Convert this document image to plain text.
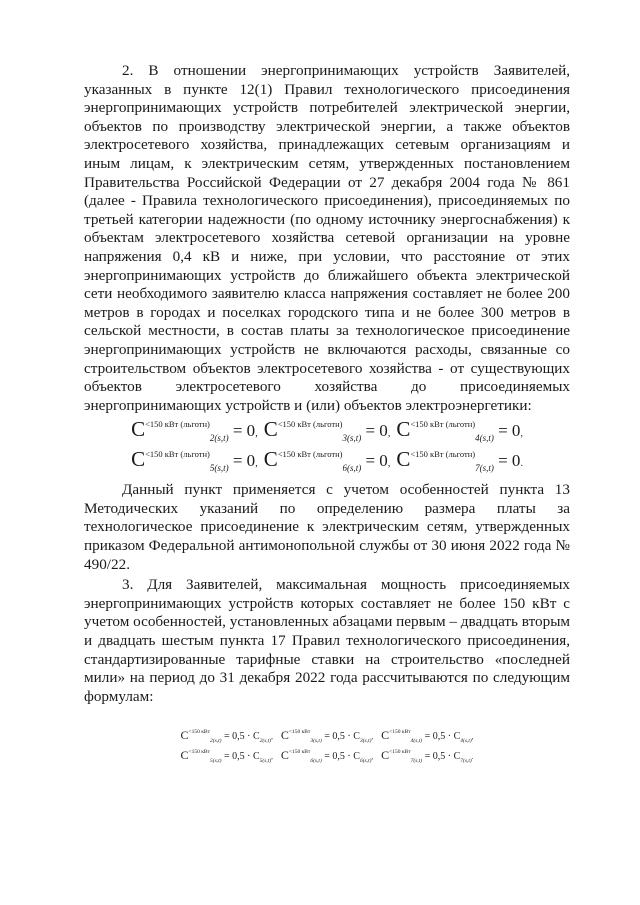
2. В отношении энергопринимающих устройств Заявителей, указанных в пункте 12(1) Правил технологического присоединения энергопринимающих устройств потребителей электрической энергии, объектов по производству электрической энергии, а также объектов электросетевого хозяйства, принадлежащих сетевым организациям и иным лицам, к электрическим сетям, утвержденных постановлением Правительства Российской Федерации от 27 декабря 2004 года № 861 (далее - Правила технологического присоединения), присоединяемых по третьей категории надежности (по одному источнику энергоснабжения) к объектам электросетевого хозяйства сетевой организации на уровне напряжения 0,4 кВ и ниже, при условии, что расстояние от этих энергопринимающих устройств до ближайшего объекта электрической сети необходимого заявителю класса напряжения составляет не более 200 метров в городах и поселках городского типа и не более 300 метров в сельской местности, в состав платы за технологическое присоединение энергопринимающих устройств не включаются расходы, связанные со строительством объектов электросетевого хозяйства - от существующих объектов электросетевого хозяйства до присоединяемых энергопринимающих устройств и (или) объектов электроэнергетики:

$C^{<150 кВт (льготн)}_{2(s,t)} = 0$, $C^{<150 кВт (льготн)}_{3(s,t)} = 0$, $C^{<150 кВт (льготн)}_{4(s,t)} = 0$,

$C^{<150 кВт (льготн)}_{5(s,t)} = 0$, $C^{<150 кВт (льготн)}_{6(s,t)} = 0$, $C^{<150 кВт (льготн)}_{7(s,t)} = 0$.

Данный пункт применяется с учетом особенностей пункта 13 Методических указаний по определению размера платы за технологическое присоединение к электрическим сетям, утвержденных приказом Федеральной антимонопольной службы от 30 июня 2022 года № 490/22.

3. Для Заявителей, максимальная мощность присоединяемых энергопринимающих устройств которых составляет не более 150 кВт с учетом особенностей, установленных абзацами первым – двадцать вторым и двадцать шестым пункта 17 Правил технологического присоединения, стандартизированные тарифные ставки на строительство «последней мили» на период до 31 декабря 2022 года рассчитываются по следующим формулам:

$C^{<150 кВт}_{2(s,t)} = 0,5 \cdot C_{2(s,t)}$, $C^{<150 кВт}_{3(s,t)} = 0,5 \cdot C_{3(s,t)}$, $C^{<150 кВт}_{4(s,t)} = 0,5 \cdot C_{4(s,t)}$,

$C^{<150 кВт}_{5(s,t)} = 0,5 \cdot C_{5(s,t)}$, $C^{<150 кВт}_{6(s,t)} = 0,5 \cdot C_{6(s,t)}$, $C^{<150 кВт}_{7(s,t)} = 0,5 \cdot C_{7(s,t)}$.
